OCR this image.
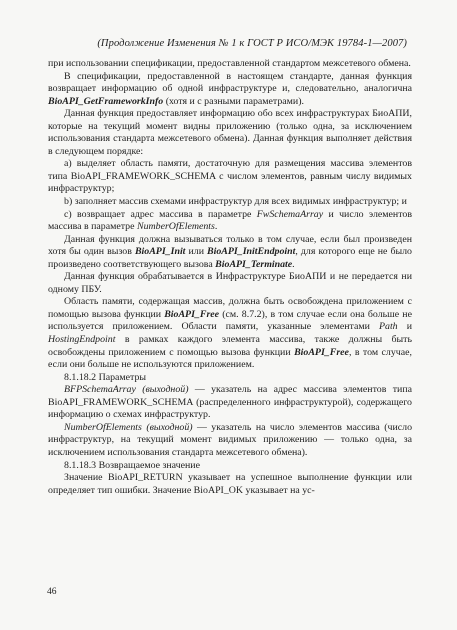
(Продолжение Изменения № 1 к ГОСТ Р ИСО/МЭК 19784-1—2007)

при использовании спецификации, предоставленной стандартом межсетевого обмена.

В спецификации, предоставленной в настоящем стандарте, данная функция возвращает информацию об одной инфраструктуре и, следовательно, аналогична BioAPI_GetFrameworkInfo (хотя и с разными параметрами).

Данная функция предоставляет информацию обо всех инфраструктурах БиоАПИ, которые на текущий момент видны приложению (только одна, за исключением использования стандарта межсетевого обмена). Данная функция выполняет действия в следующем порядке:

a) выделяет область памяти, достаточную для размещения массива элементов типа BioAPI_FRAMEWORK_SCHEMA с числом элементов, равным числу видимых инфраструктур;

b) заполняет массив схемами инфраструктур для всех видимых инфраструктур; и

c) возвращает адрес массива в параметре FwSchemaArray и число элементов массива в параметре NumberOfElements.

Данная функция должна вызываться только в том случае, если был произведен хотя бы один вызов BioAPI_Init или BioAPI_InitEndpoint, для которого еще не было произведено соответствующего вызова BioAPI_Terminate.

Данная функция обрабатывается в Инфраструктуре БиоАПИ и не передается ни одному ПБУ.

Область памяти, содержащая массив, должна быть освобождена приложением с помощью вызова функции BioAPI_Free (см. 8.7.2), в том случае если она больше не используется приложением. Области памяти, указанные элементами Path и HostingEndpoint в рамках каждого элемента массива, также должны быть освобождены приложением с помощью вызова функции BioAPI_Free, в том случае, если они больше не используются приложением.

8.1.18.2 Параметры

BFPSchemaArray (выходной) — указатель на адрес массива элементов типа BioAPI_FRAMEWORK_SCHEMA (распределенного инфраструктурой), содержащего информацию о схемах инфраструктур.

NumberOfElements (выходной) — указатель на число элементов массива (число инфраструктур, на текущий момент видимых приложению — только одна, за исключением использования стандарта межсетевого обмена).

8.1.18.3 Возвращаемое значение

Значение BioAPI_RETURN указывает на успешное выполнение функции или определяет тип ошибки. Значение BioAPI_OK указывает на ус-

46
